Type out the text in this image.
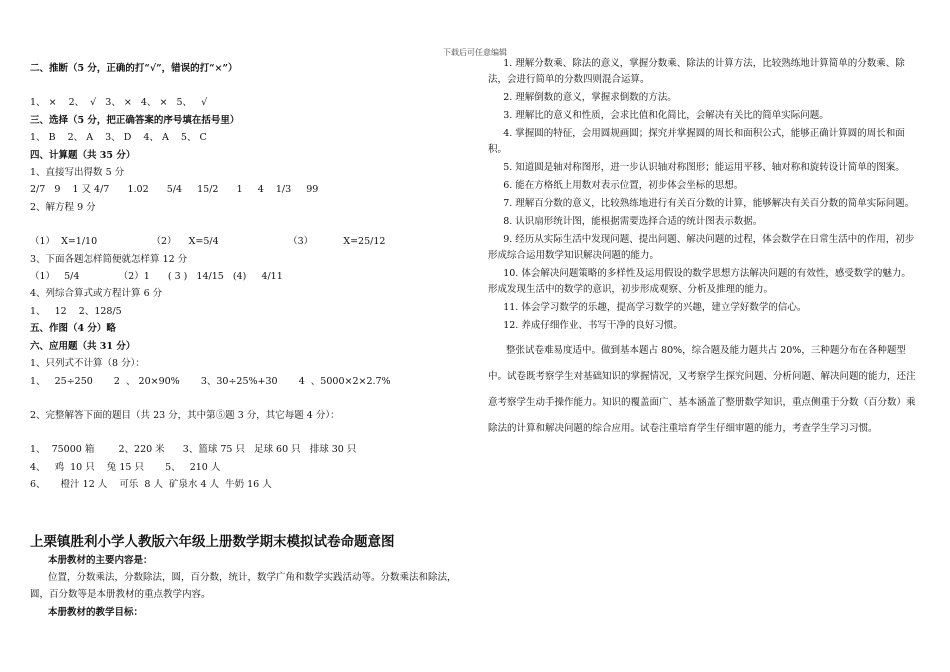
下载后可任意编辑
二、推断（5 分，正确的打“√”，错误的打“×”）
1、 ×    2、  √   3、 ×   4、 ×   5、   √
三、选择（5 分，把正确答案的序号填在括号里）
1、 B    2、 A    3、 D    4、 A    5、 C
四、计算题（共 35 分）
1、直接写出得数 5 分
2/7   9    1 又 4/7      1.02      5/4     15/2      1     4    1/3     99
2、解方程 9 分
（1）  X=1/10                  （2）    X=5/4                       （3）          X=25/12
3、下面各题怎样简便就怎样算 12 分
（1）   5/4             （2）1      ( 3 )   14/15   (4)     4/11
4、列综合算式或方程计算 6 分
1、   12    2、128/5
五、作图（4 分）略
六、应用题（共 31 分）
1、只列式不计算（8 分）：
1、   25÷250       2  、 20×90%       3、30÷25%+30       4  、5000×2×2.7%
2、完整解答下面的题目（共 23 分，其中第⑤题 3 分，其它每题 4 分）：
1、  75000 箱        2、220 米      3、篮球 75 只   足球 60 只   排球 30 只
4、   鸡  10 只    兔 15 只       5、   210 人
6、     橙汁 12 人    可乐  8 人  矿泉水 4 人  牛奶 16 人
上栗镇胜利小学人教版六年级上册数学期末模拟试卷命题意图
本册教材的主要内容是：
位置，分数乘法，分数除法，圆，百分数，统计，数学广角和数学实践活动等。分数乘法和除法，圆，百分数等是本册教材的重点教学内容。
本册教材的教学目标：
1. 理解分数乘、除法的意义，掌握分数乘、除法的计算方法，比较熟练地计算简单的分数乘、除法，会进行简单的分数四则混合运算。
2. 理解倒数的意义，掌握求倒数的方法。
3. 理解比的意义和性质，会求比值和化简比，会解决有关比的简单实际问题。
4. 掌握圆的特征，会用圆规画圆；探究并掌握圆的周长和面积公式，能够正确计算圆的周长和面积。
5. 知道圆是轴对称图形，进一步认识轴对称图形；能运用平移、轴对称和旋转设计简单的图案。
6. 能在方格纸上用数对表示位置，初步体会坐标的思想。
7. 理解百分数的意义，比较熟练地进行有关百分数的计算，能够解决有关百分数的简单实际问题。
8. 认识扇形统计图，能根据需要选择合适的统计图表示数据。
9. 经历从实际生活中发现问题、提出问题、解决问题的过程，体会数学在日常生活中的作用，初步形成综合运用数学知识解决问题的能力。
10. 体会解决问题策略的多样性及运用假设的数学思想方法解决问题的有效性，感受数学的魅力。形成发现生活中的数学的意识，初步形成观察、分析及推理的能力。
11. 体会学习数学的乐趣，提高学习数学的兴趣，建立学好数学的信心。
12. 养成仔细作业、书写干净的良好习惯。
整张试卷难易度适中。做到基本题占 80%，综合题及能力题共占 20%，三种题分布在各种题型中。试卷既考察学生对基础知识的掌握情况，又考察学生探究问题、分析问题、解决问题的能力，还注意考察学生动手操作能力。知识的覆盖面广、基本涵盖了整册数学知识，重点侧重于分数（百分数）乘除法的计算和解决问题的综合应用。试卷注重培育学生仔细审题的能力，考查学生学习习惯。
